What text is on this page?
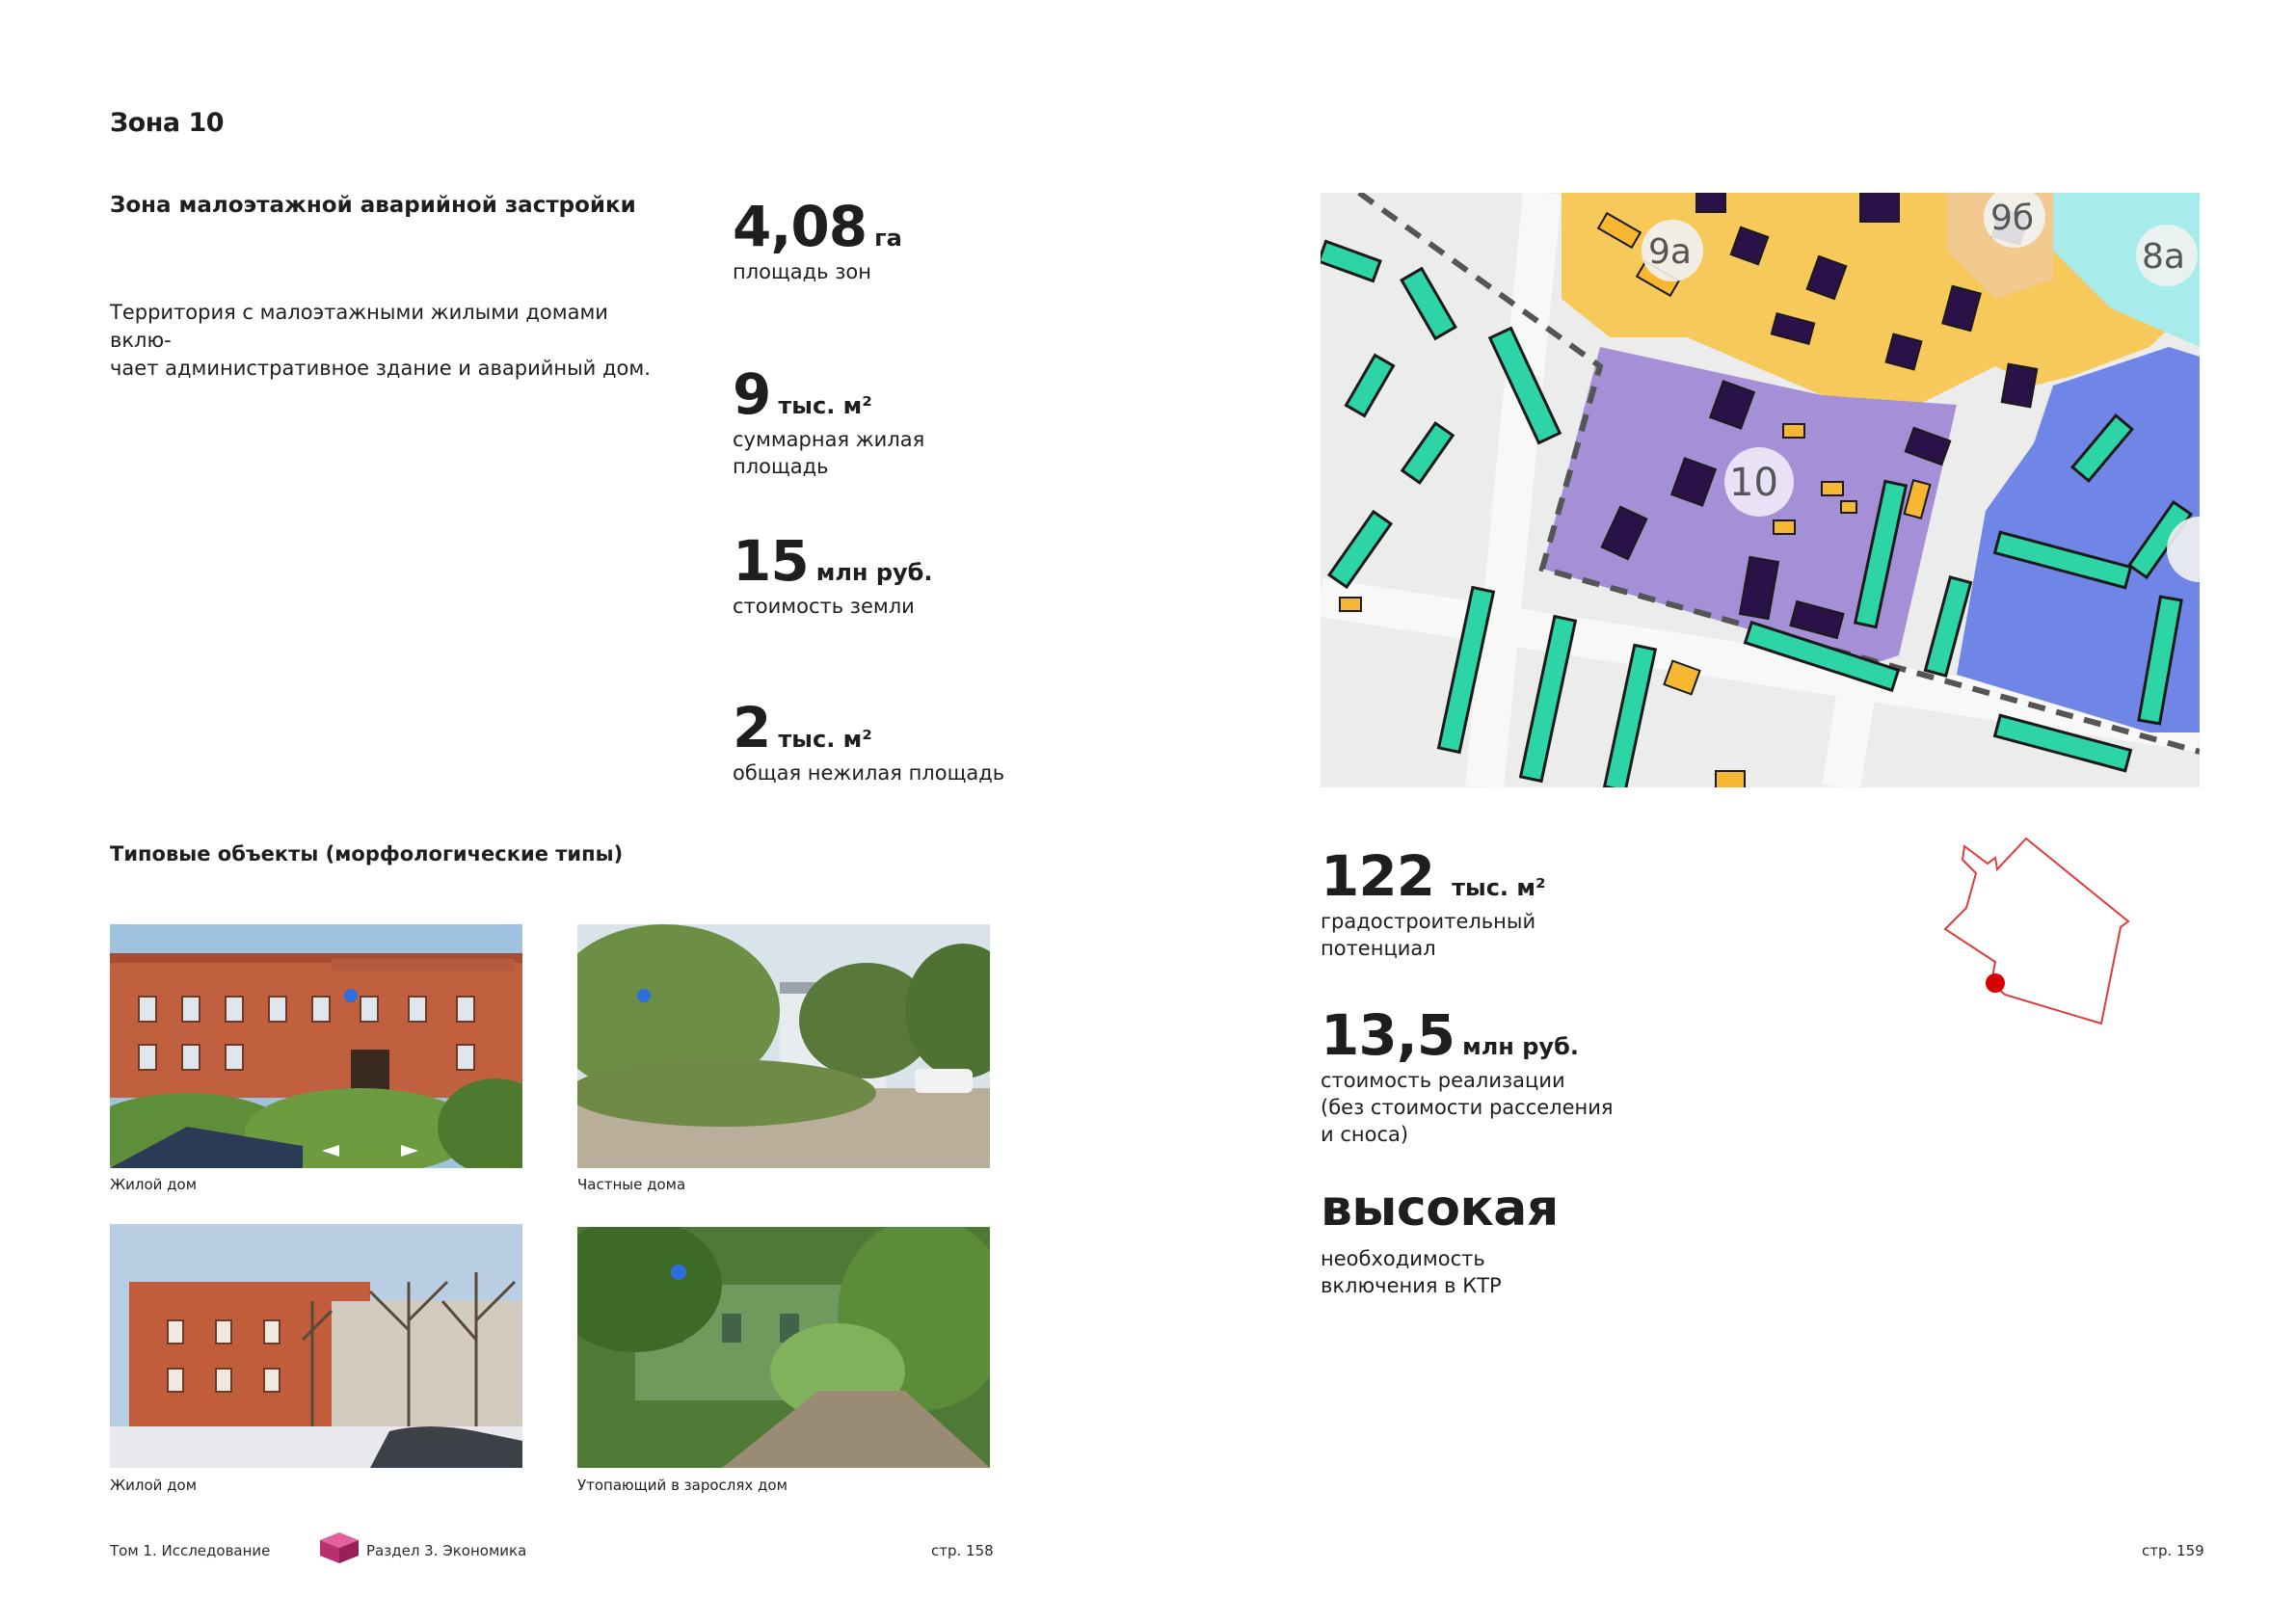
Зона 10
Зона малоэтажной аварийной застройки
Территория с малоэтажными жилыми домами вклю-
чает административное здание и аварийный дом.
4,08 га
площадь зон
9 тыс. м²
суммарная жилая
площадь
15 млн руб.
стоимость земли
2 тыс. м²
общая нежилая площадь
Типовые объекты (морфологические типы)
Жилой дом	Частные дома
Жилой дом	Утопающий в зарослях дом
9а
9б
8а
10
122 тыс. м²
градостроительный
потенциал
13,5 млн руб.
стоимость реализации
(без стоимости расселения
и сноса)
высокая
необходимость
включения в КТР
Том 1. Исследование	Раздел 3. Экономика	стр. 158	стр. 159
